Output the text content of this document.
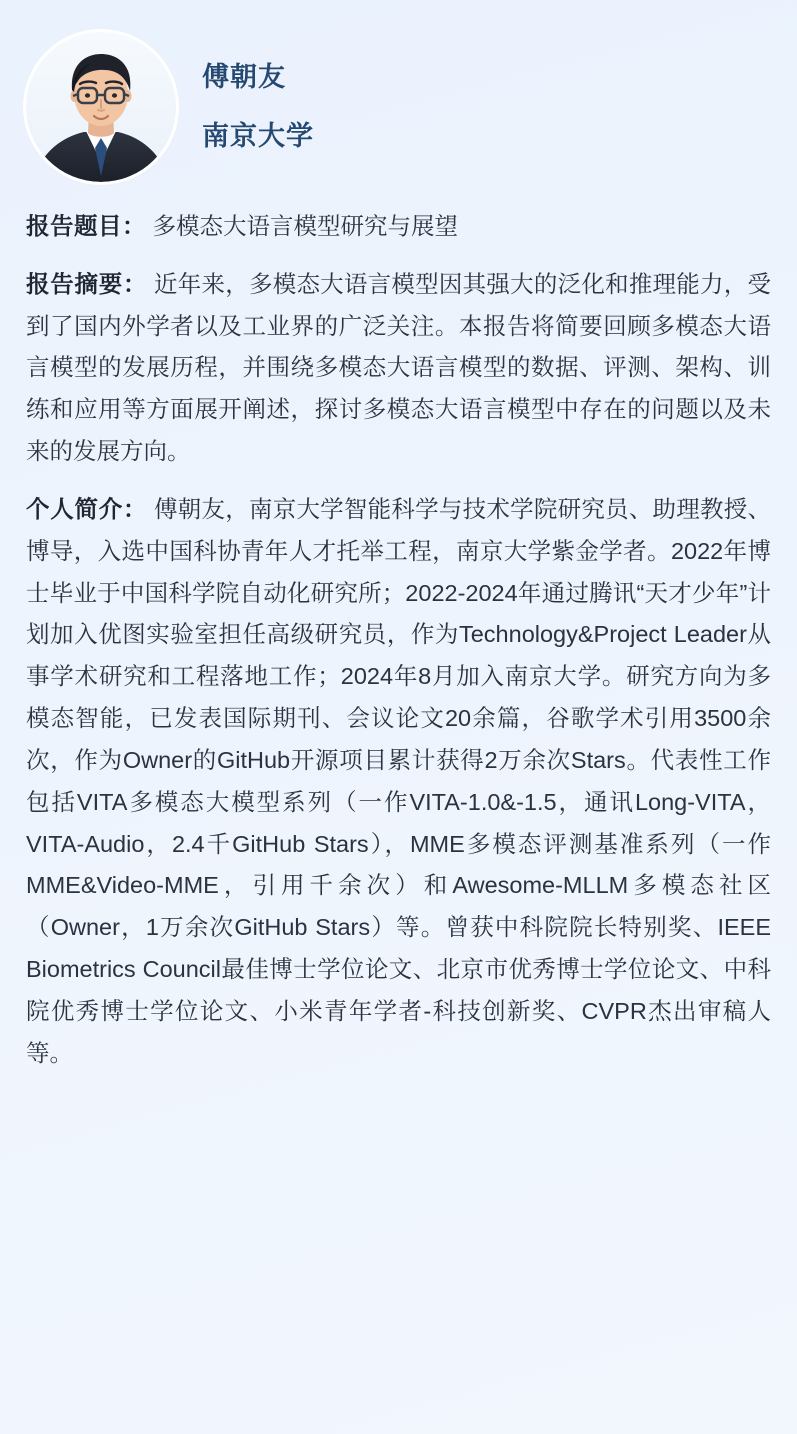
傅朝友
南京大学
报告题目： 多模态大语言模型研究与展望
报告摘要： 近年来，多模态大语言模型因其强大的泛化和推理能力，受到了国内外学者以及工业界的广泛关注。本报告将简要回顾多模态大语言模型的发展历程，并围绕多模态大语言模型的数据、评测、架构、训练和应用等方面展开阐述，探讨多模态大语言模型中存在的问题以及未来的发展方向。
个人简介： 傅朝友，南京大学智能科学与技术学院研究员、助理教授、博导，入选中国科协青年人才托举工程，南京大学紫金学者。2022年博士毕业于中国科学院自动化研究所；2022-2024年通过腾讯“天才少年”计划加入优图实验室担任高级研究员，作为Technology&Project Leader从事学术研究和工程落地工作；2024年8月加入南京大学。研究方向为多模态智能，已发表国际期刊、会议论文20余篇，谷歌学术引用3500余次，作为Owner的GitHub开源项目累计获得2万余次Stars。代表性工作包括VITA多模态大模型系列（一作VITA-1.0&-1.5，通讯Long-VITA，VITA-Audio，2.4千GitHub Stars），MME多模态评测基准系列（一作MME&Video-MME，引用千余次）和Awesome-MLLM多模态社区（Owner，1万余次GitHub Stars）等。曾获中科院院长特别奖、IEEE Biometrics Council最佳博士学位论文、北京市优秀博士学位论文、中科院优秀博士学位论文、小米青年学者-科技创新奖、CVPR杰出审稿人等。
